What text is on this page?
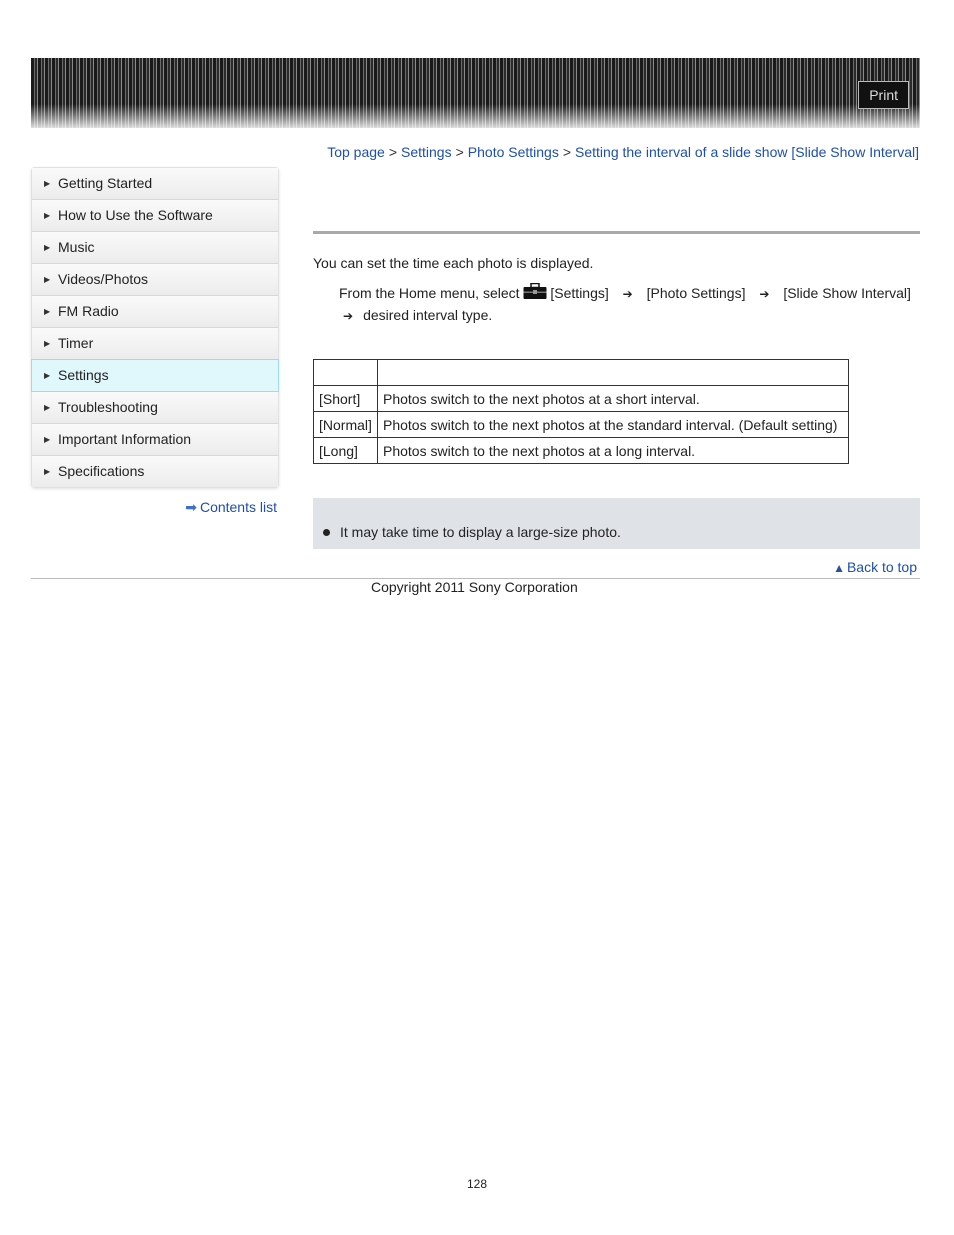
Print
Top page > Settings > Photo Settings > Setting the interval of a slide show [Slide Show Interval]
▶ Getting Started
▶ How to Use the Software
▶ Music
▶ Videos/Photos
▶ FM Radio
▶ Timer
▶ Settings
▶ Troubleshooting
▶ Important Information
▶ Specifications
➡ Contents list
You can set the time each photo is displayed.
From the Home menu, select [Settings] ➔ [Photo Settings] ➔ [Slide Show Interval]
➔ desired interval type.

[Short]	Photos switch to the next photos at a short interval.
[Normal]	Photos switch to the next photos at the standard interval. (Default setting)
[Long]	Photos switch to the next photos at a long interval.
It may take time to display a large-size photo.
▲ Back to top
Copyright 2011 Sony Corporation
128
